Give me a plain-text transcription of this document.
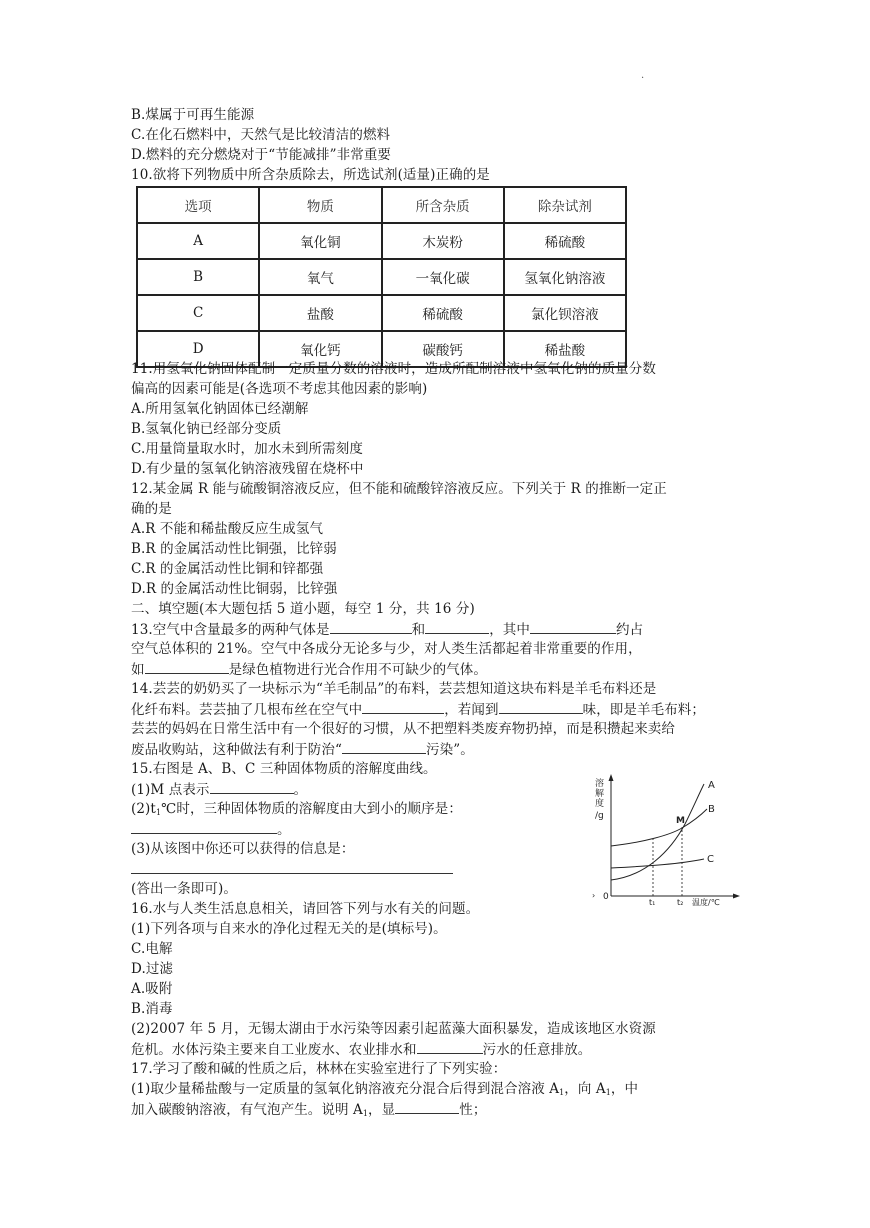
.
B.煤属于可再生能源
C.在化石燃料中，天然气是比较清洁的燃料
D.燃料的充分燃烧对于“节能减排”非常重要
10.欲将下列物质中所含杂质除去，所选试剂(适量)正确的是
选项	物质	所含杂质	除杂试剂
A	氧化铜	木炭粉	稀硫酸
B	氧气	一氧化碳	氢氧化钠溶液
C	盐酸	稀硫酸	氯化钡溶液
D	氧化钙	碳酸钙	稀盐酸
11.用氢氧化钠固体配制一定质量分数的溶液时，造成所配制溶液中氢氧化钠的质量分数
偏高的因素可能是(各选项不考虑其他因素的影响)
A.所用氢氧化钠固体已经潮解
B.氢氧化钠已经部分变质
C.用量筒量取水时，加水未到所需刻度
D.有少量的氢氧化钠溶液残留在烧杯中
12.某金属 R 能与硫酸铜溶液反应，但不能和硫酸锌溶液反应。下列关于 R 的推断一定正
确的是
A.R 不能和稀盐酸反应生成氢气
B.R 的金属活动性比铜强，比锌弱
C.R 的金属活动性比铜和锌都强
D.R 的金属活动性比铜弱，比锌强
二、填空题(本大题包括 5 道小题，每空 1 分，共 16 分)
13.空气中含量最多的两种气体是	和	，其中	约占
空气总体积的 21%。空气中各成分无论多与少，对人类生活都起着非常重要的作用，
如	是绿色植物进行光合作用不可缺少的气体。
14.芸芸的奶奶买了一块标示为“羊毛制品”的布料，芸芸想知道这块布料是羊毛布料还是
化纤布料。芸芸抽了几根布丝在空气中	，若闻到	味，即是羊毛布料；
芸芸的妈妈在日常生活中有一个很好的习惯，从不把塑料类废弃物扔掉，而是积攒起来卖给
废品收购站，这种做法有利于防治“	污染”。
15.右图是 A、B、C 三种固体物质的溶解度曲线。
(1)M 点表示	。
$(2)t_1℃$时，三种固体物质的溶解度由大到小的顺序是：
。
(3)从该图中你还可以获得的信息是：
(答出一条即可)。
溶
解
度
/g
A
B
C
M
0
›
t₁	t₂ 温度/℃
16.水与人类生活息息相关，请回答下列与水有关的问题。
(1)下列各项与自来水的净化过程无关的是(填标号)。
C.电解
D.过滤
A.吸附
B.消毒
(2)2007 年 5 月，无锡太湖由于水污染等因素引起蓝藻大面积暴发，造成该地区水资源
危机。水体污染主要来自工业废水、农业排水和	污水的任意排放。
17.学习了酸和碱的性质之后，林林在实验室进行了下列实验：
(1)取少量稀盐酸与一定质量的氢氧化钠溶液充分混合后得到混合溶液 $A_1$，向 $A_1$，中
加入碳酸钠溶液，有气泡产生。说明 $A_1$，显	性；
